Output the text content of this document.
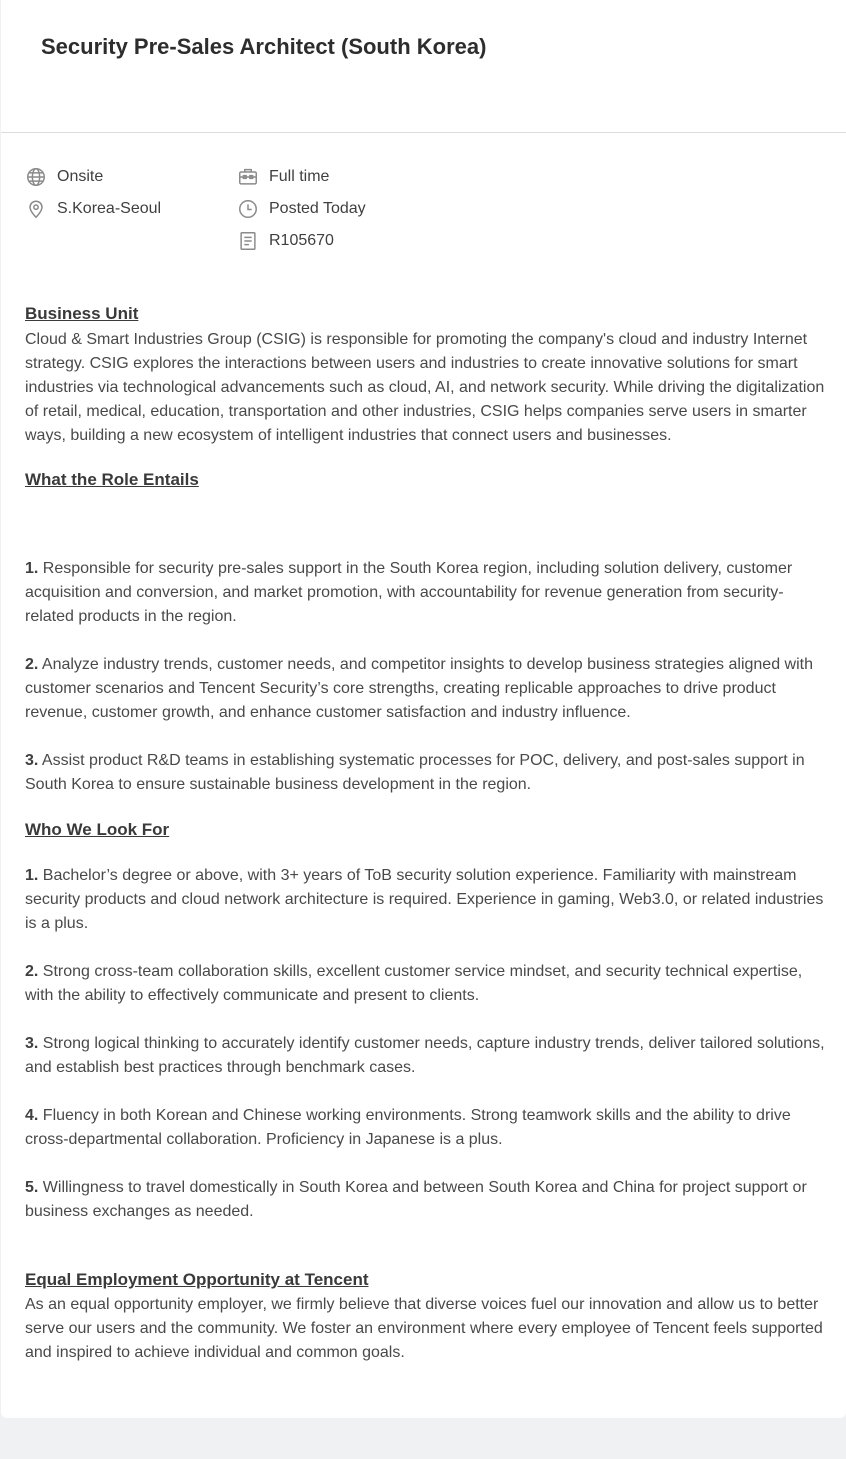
Security Pre-Sales Architect (South Korea)
Onsite
S.Korea-Seoul
Full time
Posted Today
R105670
Business Unit
Cloud & Smart Industries Group (CSIG) is responsible for promoting the company's cloud and industry Internet strategy. CSIG explores the interactions between users and industries to create innovative solutions for smart industries via technological advancements such as cloud, AI, and network security. While driving the digitalization of retail, medical, education, transportation and other industries, CSIG helps companies serve users in smarter ways, building a new ecosystem of intelligent industries that connect users and businesses.
What the Role Entails
1. Responsible for security pre-sales support in the South Korea region, including solution delivery, customer acquisition and conversion, and market promotion, with accountability for revenue generation from security-related products in the region.
2. Analyze industry trends, customer needs, and competitor insights to develop business strategies aligned with customer scenarios and Tencent Security’s core strengths, creating replicable approaches to drive product revenue, customer growth, and enhance customer satisfaction and industry influence.
3. Assist product R&D teams in establishing systematic processes for POC, delivery, and post-sales support in South Korea to ensure sustainable business development in the region.
Who We Look For
1. Bachelor’s degree or above, with 3+ years of ToB security solution experience. Familiarity with mainstream security products and cloud network architecture is required. Experience in gaming, Web3.0, or related industries is a plus.
2. Strong cross-team collaboration skills, excellent customer service mindset, and security technical expertise, with the ability to effectively communicate and present to clients.
3. Strong logical thinking to accurately identify customer needs, capture industry trends, deliver tailored solutions, and establish best practices through benchmark cases.
4. Fluency in both Korean and Chinese working environments. Strong teamwork skills and the ability to drive cross-departmental collaboration. Proficiency in Japanese is a plus.
5. Willingness to travel domestically in South Korea and between South Korea and China for project support or business exchanges as needed.
Equal Employment Opportunity at Tencent
As an equal opportunity employer, we firmly believe that diverse voices fuel our innovation and allow us to better serve our users and the community. We foster an environment where every employee of Tencent feels supported and inspired to achieve individual and common goals.
